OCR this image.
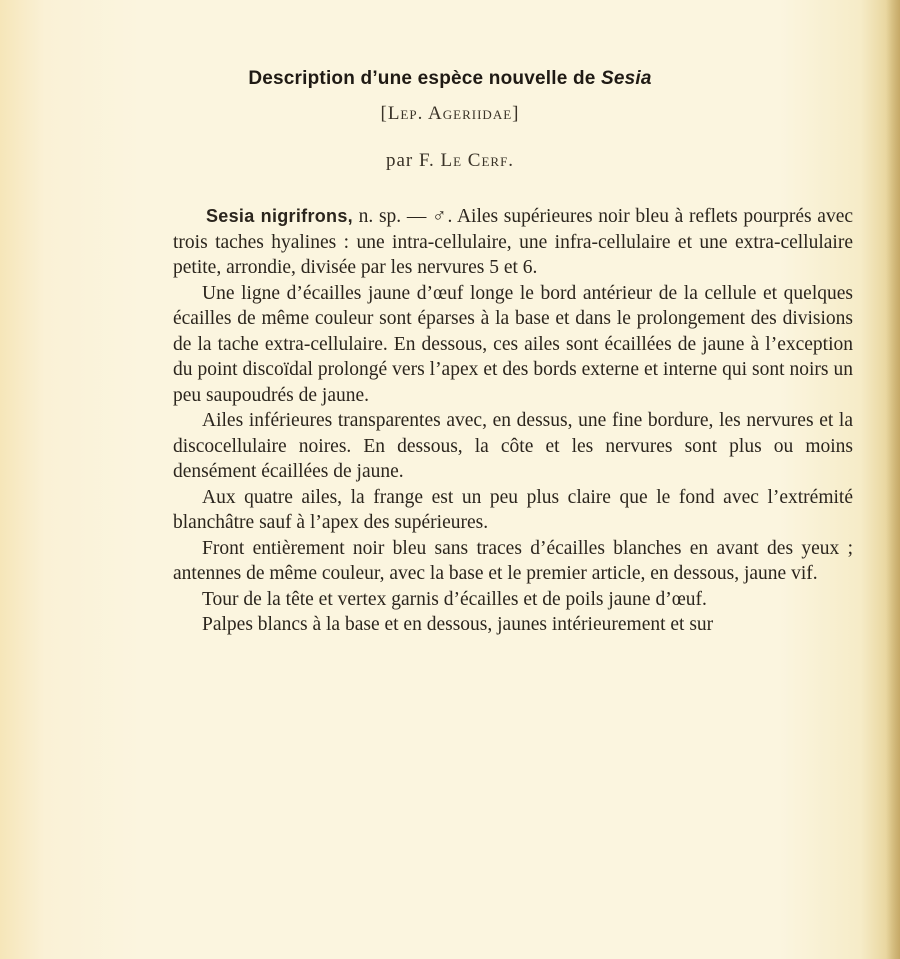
Description d’une espèce nouvelle de Sesia
[Lep. Ageriidae]
par F. Le Cerf.

Sesia nigrifrons, n. sp. — ♂. Ailes supérieures noir bleu à reflets pourprés avec trois taches hyalines : une intra-cellulaire, une infra-cellulaire et une extra-cellulaire petite, arrondie, divisée par les nervures 5 et 6.

Une ligne d’écailles jaune d’œuf longe le bord antérieur de la cellule et quelques écailles de même couleur sont éparses à la base et dans le prolongement des divisions de la tache extra-cellulaire. En dessous, ces ailes sont écaillées de jaune à l’exception du point discoïdal prolongé vers l’apex et des bords externe et interne qui sont noirs un peu saupoudrés de jaune.

Ailes inférieures transparentes avec, en dessus, une fine bordure, les nervures et la discocellulaire noires. En dessous, la côte et les nervures sont plus ou moins densément écaillées de jaune.

Aux quatre ailes, la frange est un peu plus claire que le fond avec l’extrémité blanchâtre sauf à l’apex des supérieures.

Front entièrement noir bleu sans traces d’écailles blanches en avant des yeux ; antennes de même couleur, avec la base et le premier article, en dessous, jaune vif.

Tour de la tête et vertex garnis d’écailles et de poils jaune d’œuf.

Palpes blancs à la base et en dessous, jaunes intérieurement et sur
